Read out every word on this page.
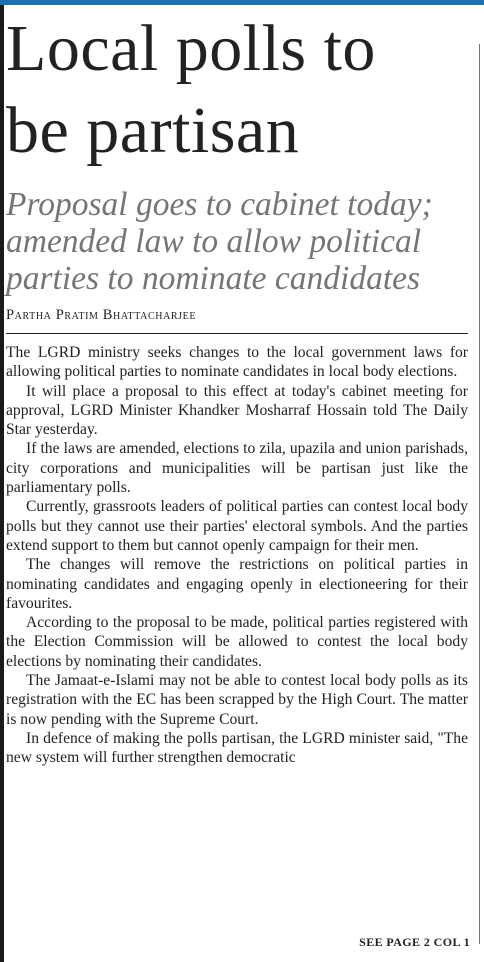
Local polls to
be partisan
Proposal goes to cabinet today;
amended law to allow political
parties to nominate candidates
Partha Pratim Bhattacharjee

The LGRD ministry seeks changes to the local government laws for allowing political parties to nominate candidates in local body elections.

It will place a proposal to this effect at today's cabinet meeting for approval, LGRD Minister Khandker Mosharraf Hossain told The Daily Star yesterday.

If the laws are amended, elections to zila, upazila and union parishads, city corporations and municipalities will be partisan just like the parliamentary polls.

Currently, grassroots leaders of political parties can contest local body polls but they cannot use their parties' electoral symbols. And the parties extend support to them but cannot openly campaign for their men.

The changes will remove the restrictions on political parties in nominating candidates and engaging openly in electioneering for their favourites.

According to the proposal to be made, political parties registered with the Election Commission will be allowed to contest the local body elections by nominating their candidates.

The Jamaat-e-Islami may not be able to contest local body polls as its registration with the EC has been scrapped by the High Court. The matter is now pending with the Supreme Court.

In defence of making the polls partisan, the LGRD minister said, "The new system will further strengthen democratic

SEE PAGE 2 COL 1
